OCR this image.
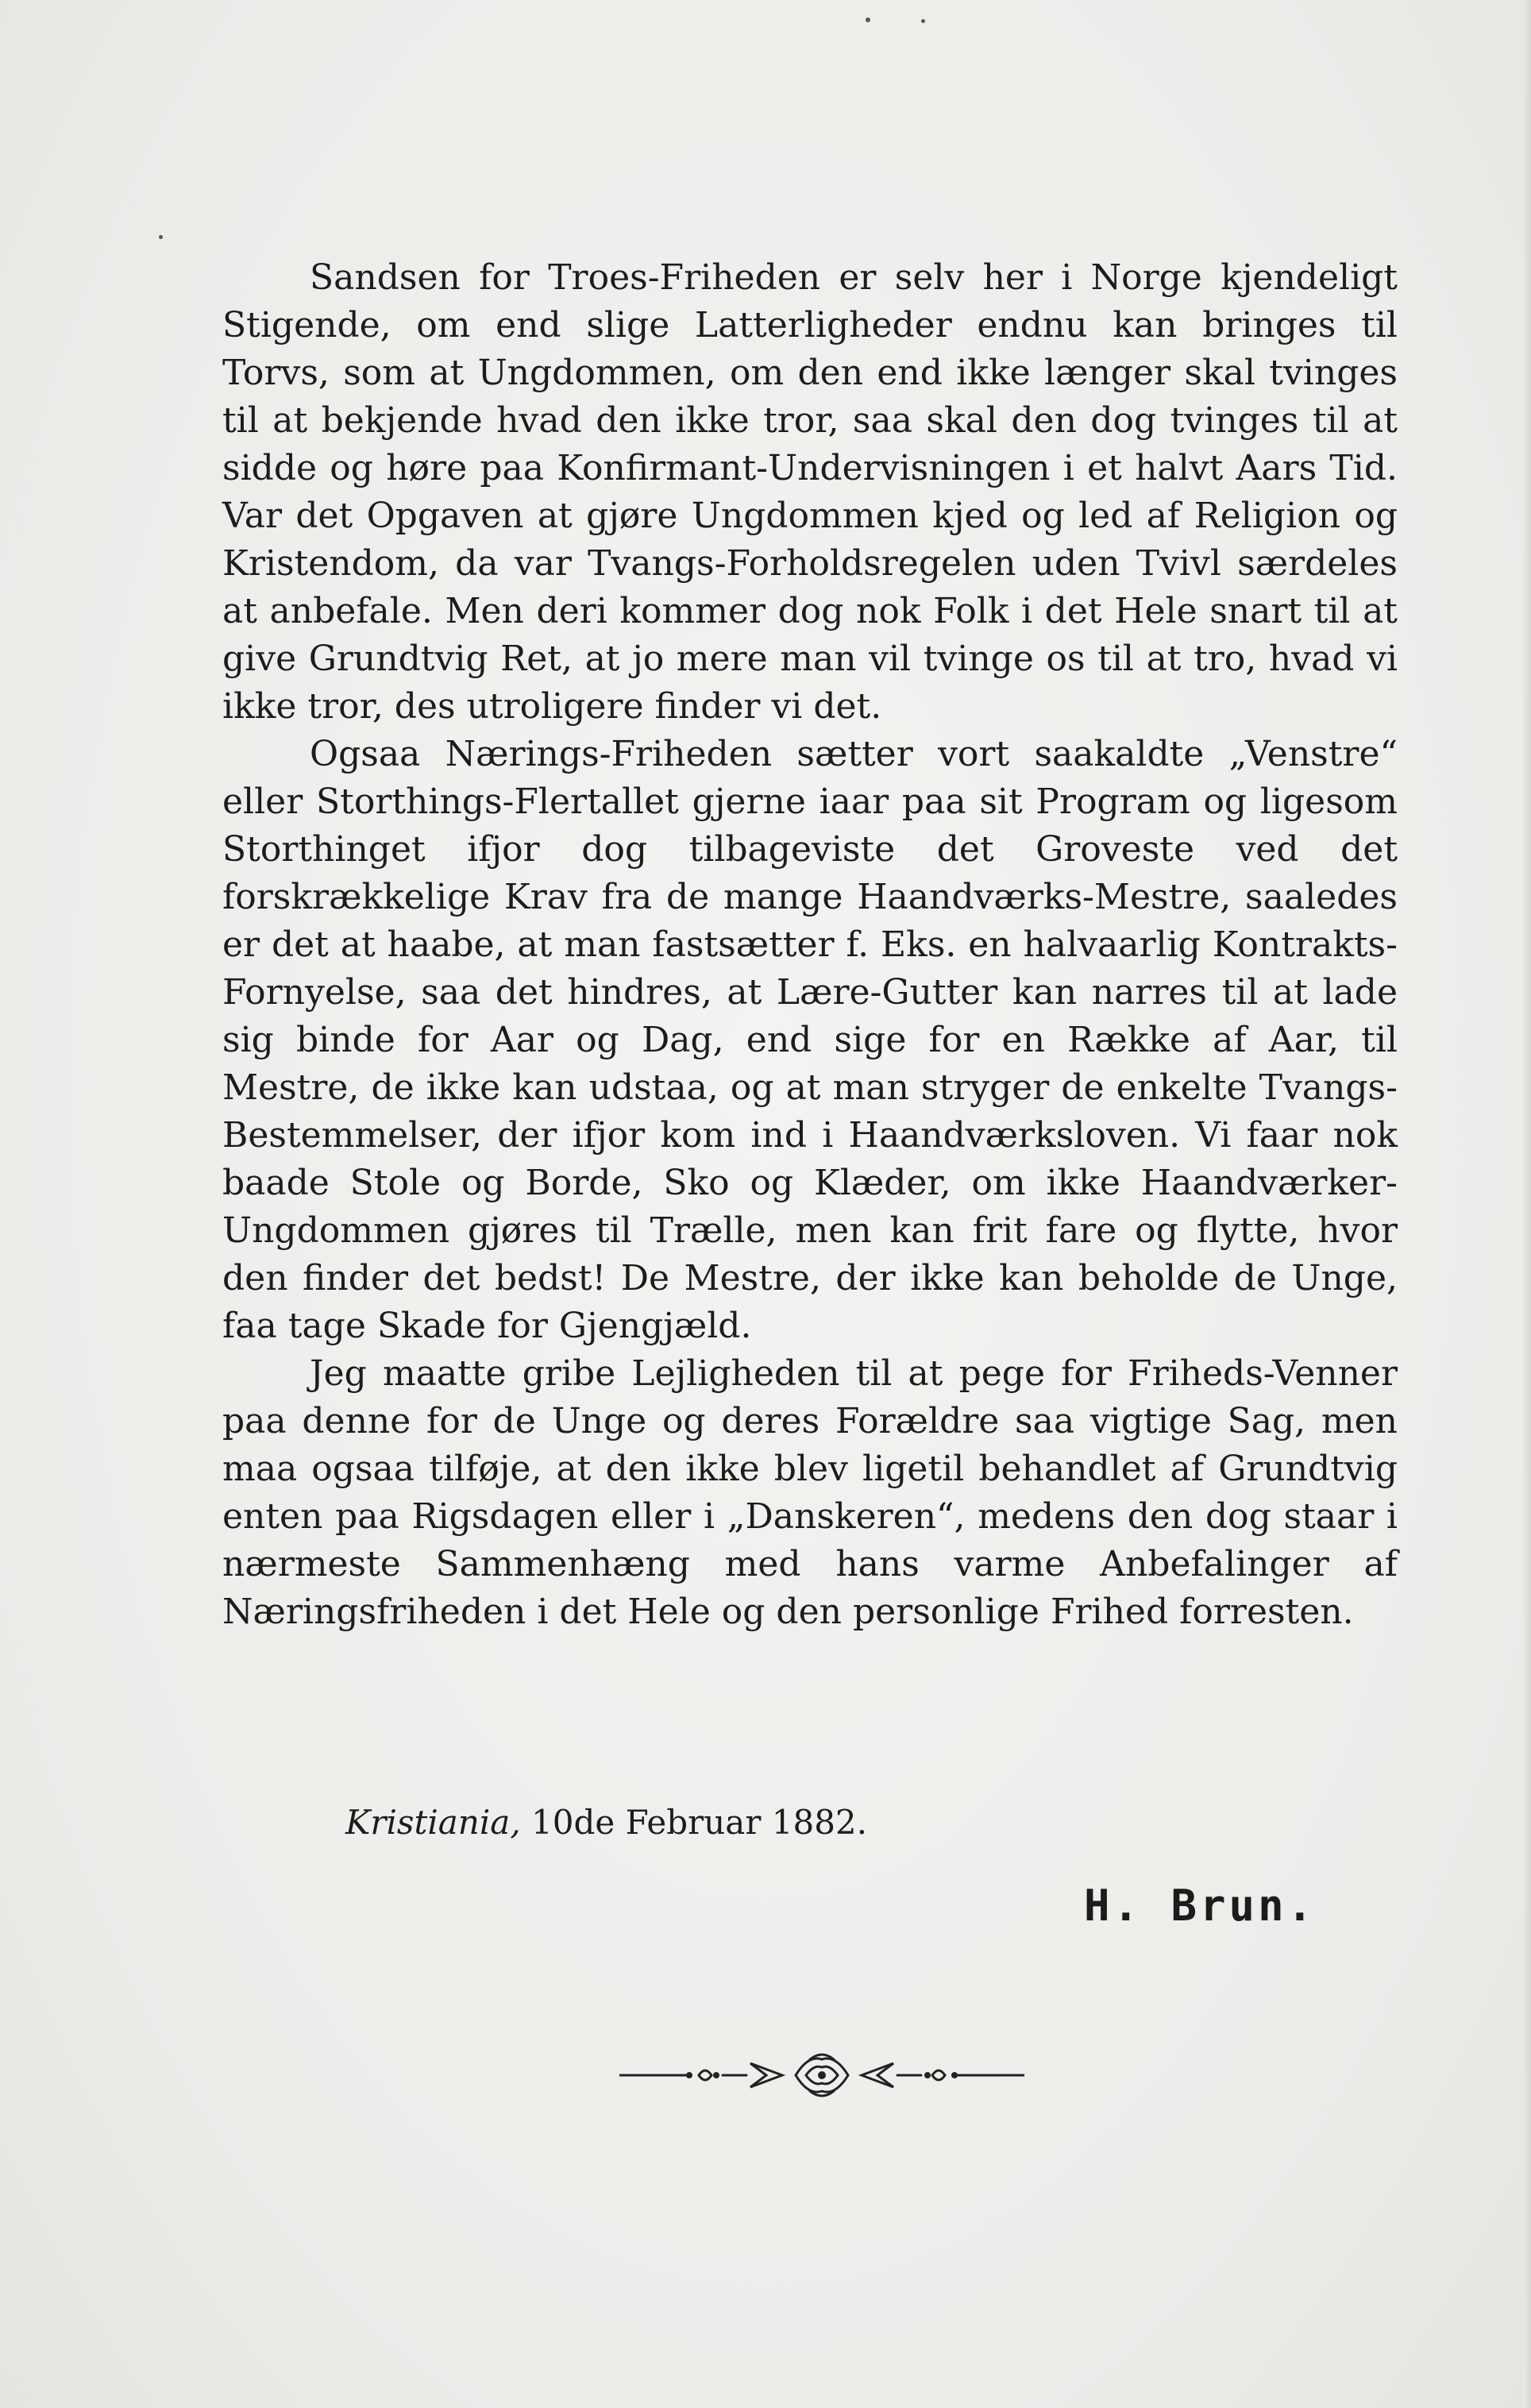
Sandsen for Troes-Friheden er selv her i Norge kjendeligt Stigende, om end slige Latterligheder endnu kan bringes til Torvs, som at Ungdommen, om den end ikke længer skal tvinges til at bekjende hvad den ikke tror, saa skal den dog tvinges til at sidde og høre paa Konfirmant-Undervisningen i et halvt Aars Tid. Var det Opgaven at gjøre Ungdommen kjed og led af Religion og Kristendom, da var Tvangs-Forholdsregelen uden Tvivl særdeles at anbefale. Men deri kommer dog nok Folk i det Hele snart til at give Grundtvig Ret, at jo mere man vil tvinge os til at tro, hvad vi ikke tror, des utroligere finder vi det.

Ogsaa Nærings-Friheden sætter vort saakaldte „Venstre“ eller Storthings-Flertallet gjerne iaar paa sit Program og ligesom Storthinget ifjor dog tilbageviste det Groveste ved det forskrækkelige Krav fra de mange Haandværks-Mestre, saaledes er det at haabe, at man fastsætter f. Eks. en halvaarlig Kontrakts-Fornyelse, saa det hindres, at Lære-Gutter kan narres til at lade sig binde for Aar og Dag, end sige for en Række af Aar, til Mestre, de ikke kan udstaa, og at man stryger de enkelte Tvangs-Bestemmelser, der ifjor kom ind i Haandværksloven. Vi faar nok baade Stole og Borde, Sko og Klæder, om ikke Haandværker-Ungdommen gjøres til Trælle, men kan frit fare og flytte, hvor den finder det bedst! De Mestre, der ikke kan beholde de Unge, faa tage Skade for Gjengjæld.

Jeg maatte gribe Lejligheden til at pege for Friheds-Venner paa denne for de Unge og deres Forældre saa vigtige Sag, men maa ogsaa tilføje, at den ikke blev ligetil behandlet af Grundtvig enten paa Rigsdagen eller i „Danskeren“, medens den dog staar i nærmeste Sammenhæng med hans varme Anbefalinger af Næringsfriheden i det Hele og den personlige Frihed forresten.

Kristiania, 10de Februar 1882.
H. Brun.
